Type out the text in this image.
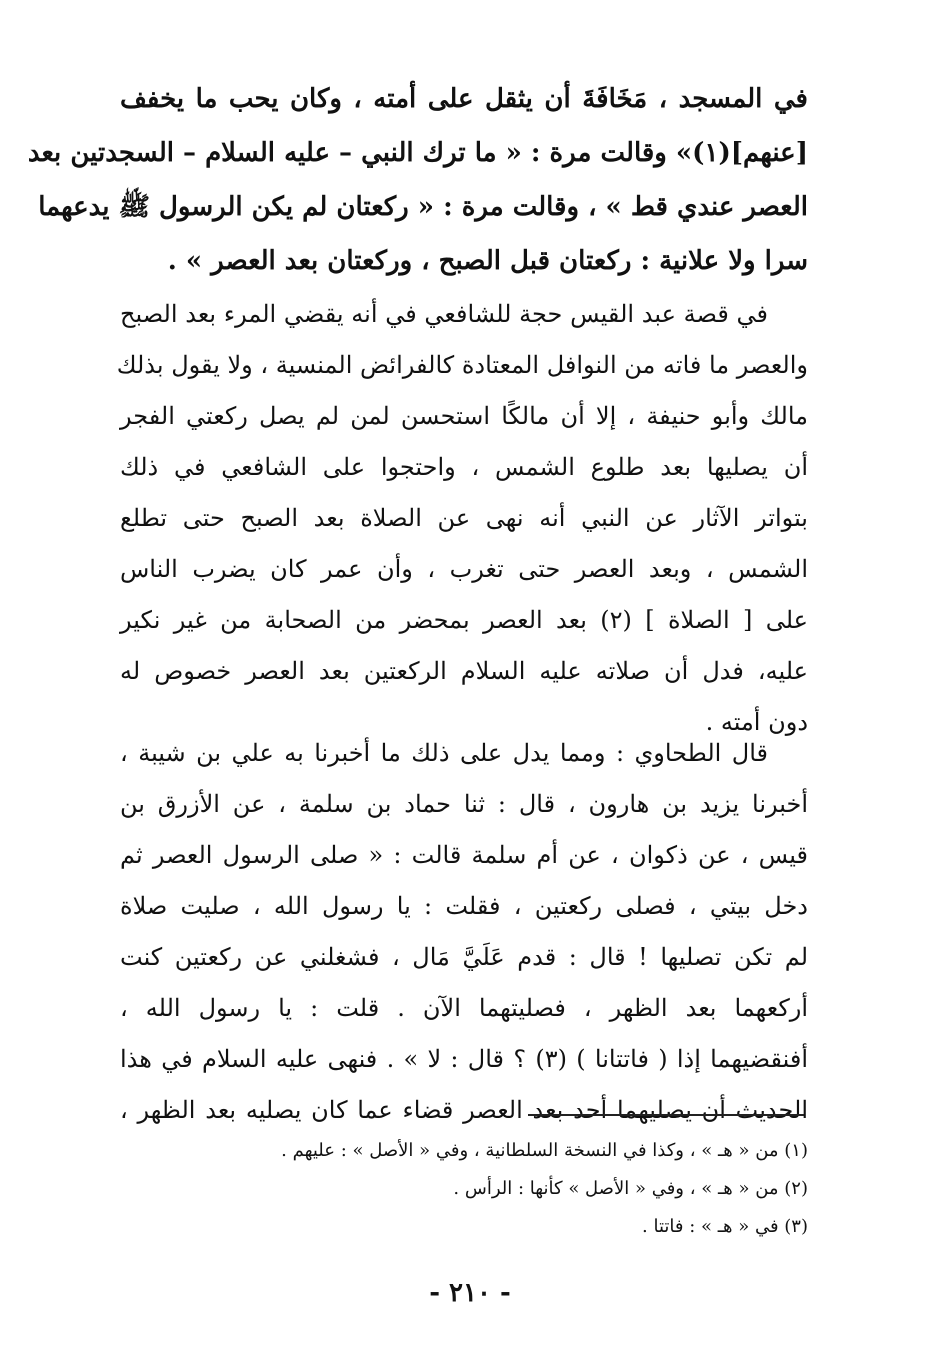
في المسجد ، مَخَافَةَ أن يثقل على أمته ، وكان يحب ما يخفف
[عنهم](١)» وقالت مرة : « ما ترك النبي – عليه السلام – السجدتين بعد
العصر عندي قط » ، وقالت مرة : « ركعتان لم يكن الرسول ﷺ يدعهما
سرا ولا علانية : ركعتان قبل الصبح ، وركعتان بعد العصر » .
في قصة عبد القيس حجة للشافعي في أنه يقضي المرء بعد الصبح
والعصر ما فاته من النوافل المعتادة كالفرائض المنسية ، ولا يقول بذلك
مالك وأبو حنيفة ، إلا أن مالكًا استحسن لمن لم يصل ركعتي الفجر
أن يصليها بعد طلوع الشمس ، واحتجوا على الشافعي في ذلك
بتواتر الآثار عن النبي أنه نهى عن الصلاة بعد الصبح حتى تطلع
الشمس ، وبعد العصر حتى تغرب ، وأن عمر كان يضرب الناس
على [ الصلاة ] (٢) بعد العصر بمحضر من الصحابة من غير نكير
عليه، فدل أن صلاته عليه السلام الركعتين بعد العصر خصوص له
دون أمته .
قال الطحاوي : ومما يدل على ذلك ما أخبرنا به علي بن شيبة ،
أخبرنا يزيد بن هارون ، قال : ثنا حماد بن سلمة ، عن الأزرق بن
قيس ، عن ذكوان ، عن أم سلمة قالت : « صلى الرسول العصر ثم
دخل بيتي ، فصلى ركعتين ، فقلت : يا رسول الله ، صليت صلاة
لم تكن تصليها ! قال : قدم عَلَيَّ مَال ، فشغلني عن ركعتين كنت
أركعهما بعد الظهر ، فصليتهما الآن . قلت : يا رسول الله ،
أفنقضيهما إذا ( فاتتانا ) (٣) ؟ قال : لا » . فنهى عليه السلام في هذا
الحديث أن يصليهما أحد بعد العصر قضاء عما كان يصليه بعد الظهر ،
(١) من « هـ » ، وكذا في النسخة السلطانية ، وفي « الأصل » : عليهم .
(٢) من « هـ » ، وفي « الأصل » كأنها : الرأس .
(٣) في « هـ » : فاتتا .
- ٢١٠ -
